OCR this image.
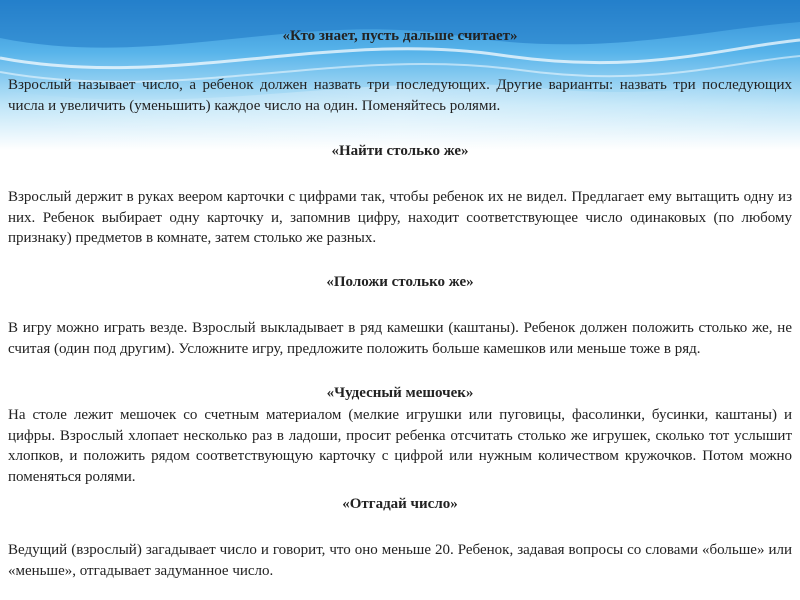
«Кто знает, пусть дальше считает»

Взрослый называет число, а ребенок должен назвать три последующих. Другие варианты: назвать три последующих числа и увеличить (уменьшить) каждое число на один. Поменяйтесь ролями.

«Найти столько же»

Взрослый держит в руках веером карточки с цифрами так, чтобы ребенок их не видел. Предлагает ему вытащить одну из них. Ребенок выбирает одну карточку и, запомнив цифру, находит соответствующее число одинаковых (по любому признаку) предметов в комнате, затем столько же разных.

«Положи столько же»

В игру можно играть везде. Взрослый выкладывает в ряд камешки (каштаны). Ребенок должен положить столько же, не считая (один под другим). Усложните игру, предложите положить больше камешков или меньше тоже в ряд.

«Чудесный мешочек»

На столе лежит мешочек со счетным материалом (мелкие игрушки или пуговицы, фасолинки, бусинки, каштаны) и цифры. Взрослый хлопает несколько раз в ладоши, просит ребенка отсчитать столько же игрушек, сколько тот услышит хлопков, и положить рядом соответствующую карточку с цифрой или нужным количеством кружочков. Потом можно поменяться ролями.

«Отгадай число»

Ведущий (взрослый) загадывает число и говорит, что оно меньше 20. Ребенок, задавая вопросы со словами «больше» или «меньше», отгадывает задуманное число.
